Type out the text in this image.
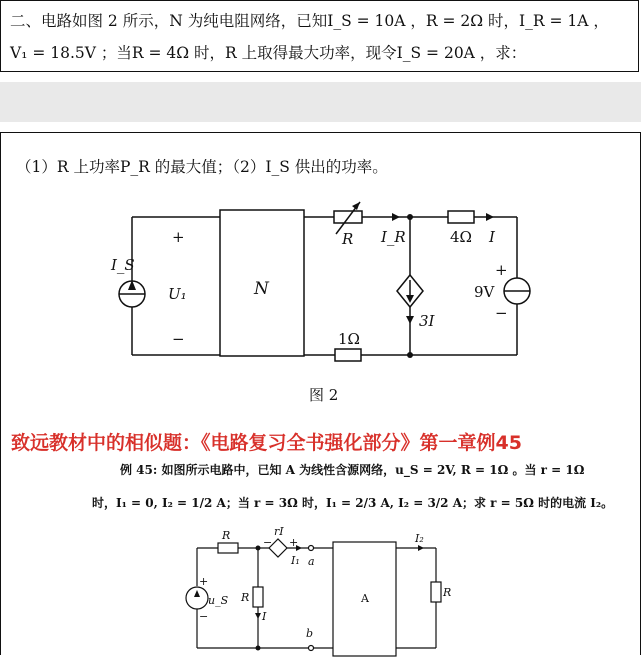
二、电路如图 2 所示，N 为纯电阻网络，已知I_S = 10A ，R = 2Ω 时，I_R = 1A ，
V₁ = 18.5V ；当R = 4Ω 时，R 上取得最大功率，现令I_S = 20A ，求：
（1）R 上功率P_R 的最大值；（2）I_S 供出的功率。
+
−
I_S
U₁	N
R I_R	4Ω I
+
9V
−
3I
1Ω
图 2
致远教材中的相似题：《电路复习全书强化部分》第一章例45
例 45: 如图所示电路中，已知 A 为线性含源网络，u_S = 2V, R = 1Ω 。当 r = 1Ω
时，I₁ = 0, I₂ = 1/2 A；当 r = 3Ω 时，I₁ = 2/3 A, I₂ = 3/2 A；求 r = 5Ω 时的电流 I₂。
R	rI
− +
I₁ a
b
u_S
+
−
R
I
A
I₂
R
